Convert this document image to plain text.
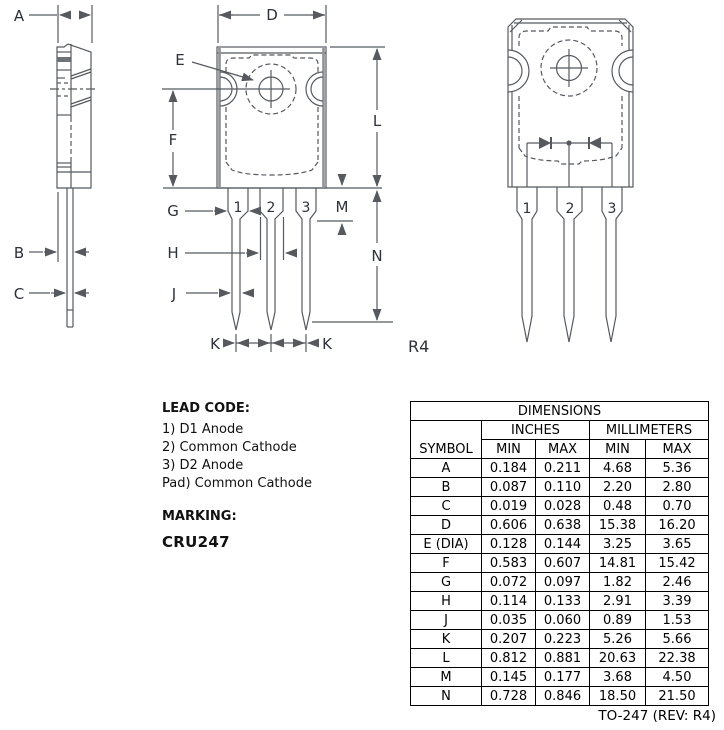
A
B
C
D
E
F
G
H
J
K	K
L
M
N
1 2 3
R4
1 2 3

LEAD CODE:

1) D1 Anode

2) Common Cathode

3) D2 Anode

Pad) Common Cathode

MARKING:

CRU247

DIMENSIONS				
SYMBOL	INCHES		MILLIMETERS	
	MIN	MAX	MIN	MAX
A	0.184	0.211	4.68	5.36
B	0.087	0.110	2.20	2.80
C	0.019	0.028	0.48	0.70
D	0.606	0.638	15.38	16.20
E (DIA)	0.128	0.144	3.25	3.65
F	0.583	0.607	14.81	15.42
G	0.072	0.097	1.82	2.46
H	0.114	0.133	2.91	3.39
J	0.035	0.060	0.89	1.53
K	0.207	0.223	5.26	5.66
L	0.812	0.881	20.63	22.38
M	0.145	0.177	3.68	4.50
N	0.728	0.846	18.50	21.50
TO-247 (REV: R4)
